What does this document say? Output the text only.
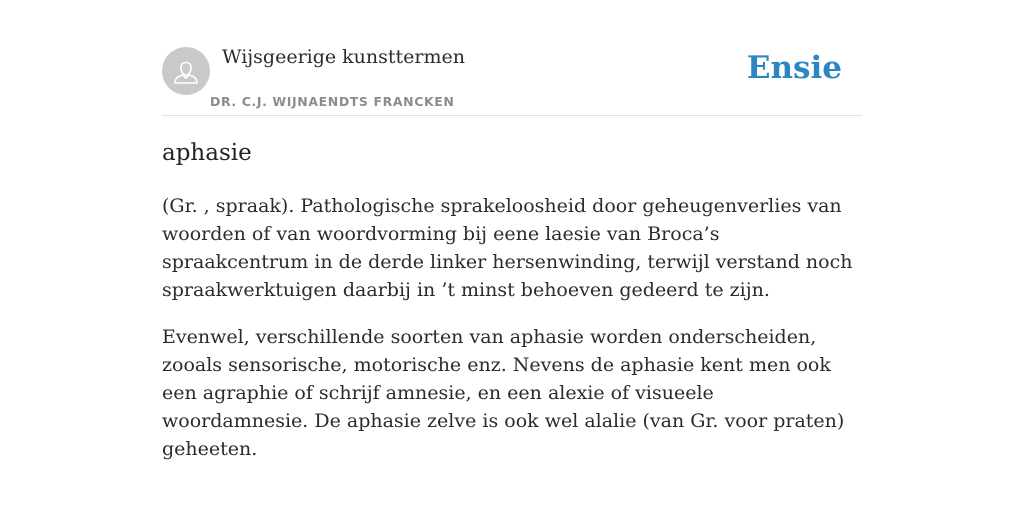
Wijsgeerige kunsttermen
DR. C.J. WIJNAENDTS FRANCKEN
Ensie
aphasie

(Gr. , spraak). Pathologische sprakeloosheid door geheugenverlies van woorden of van woordvorming bij eene laesie van Broca’s spraakcentrum in de derde linker hersenwinding, terwijl verstand noch spraakwerktuigen daarbij in ’t minst behoeven gedeerd te zijn.

Evenwel, verschillende soorten van aphasie worden onderscheiden, zooals sensorische, motorische enz. Nevens de aphasie kent men ook een agraphie of schrijf amnesie, en een alexie of visueele woordamnesie. De aphasie zelve is ook wel alalie (van Gr. voor praten) geheeten.
